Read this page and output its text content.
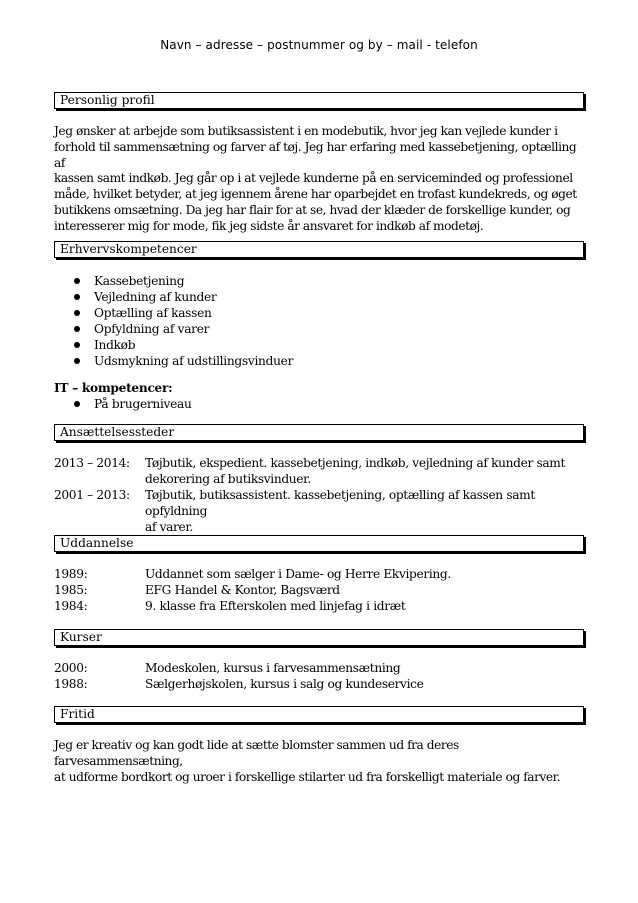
Navn – adresse – postnummer og by – mail - telefon
Personlig profil

Jeg ønsker at arbejde som butiksassistent i en modebutik, hvor jeg kan vejlede kunder i

forhold til sammensætning og farver af tøj. Jeg har erfaring med kassebetjening, optælling af

kassen samt indkøb. Jeg går op i at vejlede kunderne på en serviceminded og professionel

måde, hvilket betyder, at jeg igennem årene har oparbejdet en trofast kundekreds, og øget

butikkens omsætning. Da jeg har flair for at se, hvad der klæder de forskellige kunder, og

interesserer mig for mode, fik jeg sidste år ansvaret for indkøb af modetøj.

Erhvervskompetencer
Kassebetjening
Vejledning af kunder
Optælling af kassen
Opfyldning af varer
Indkøb
Udsmykning af udstillingsvinduer
IT – kompetencer:
På brugerniveau
Ansættelsessteder
2013 – 2014:	Tøjbutik, ekspedient. kassebetjening, indkøb, vejledning af kunder samt
dekorering af butiksvinduer.
2001 – 2013:	Tøjbutik, butiksassistent. kassebetjening, optælling af kassen samt opfyldning
af varer.
Uddannelse
1989:	Uddannet som sælger i Dame- og Herre Ekvipering.
1985:	EFG Handel & Kontor, Bagsværd
1984:	9. klasse fra Efterskolen med linjefag i idræt
Kurser
2000:	Modeskolen, kursus i farvesammensætning
1988:	Sælgerhøjskolen, kursus i salg og kundeservice
Fritid

Jeg er kreativ og kan godt lide at sætte blomster sammen ud fra deres farvesammensætning,

at udforme bordkort og uroer i forskellige stilarter ud fra forskelligt materiale og farver.
